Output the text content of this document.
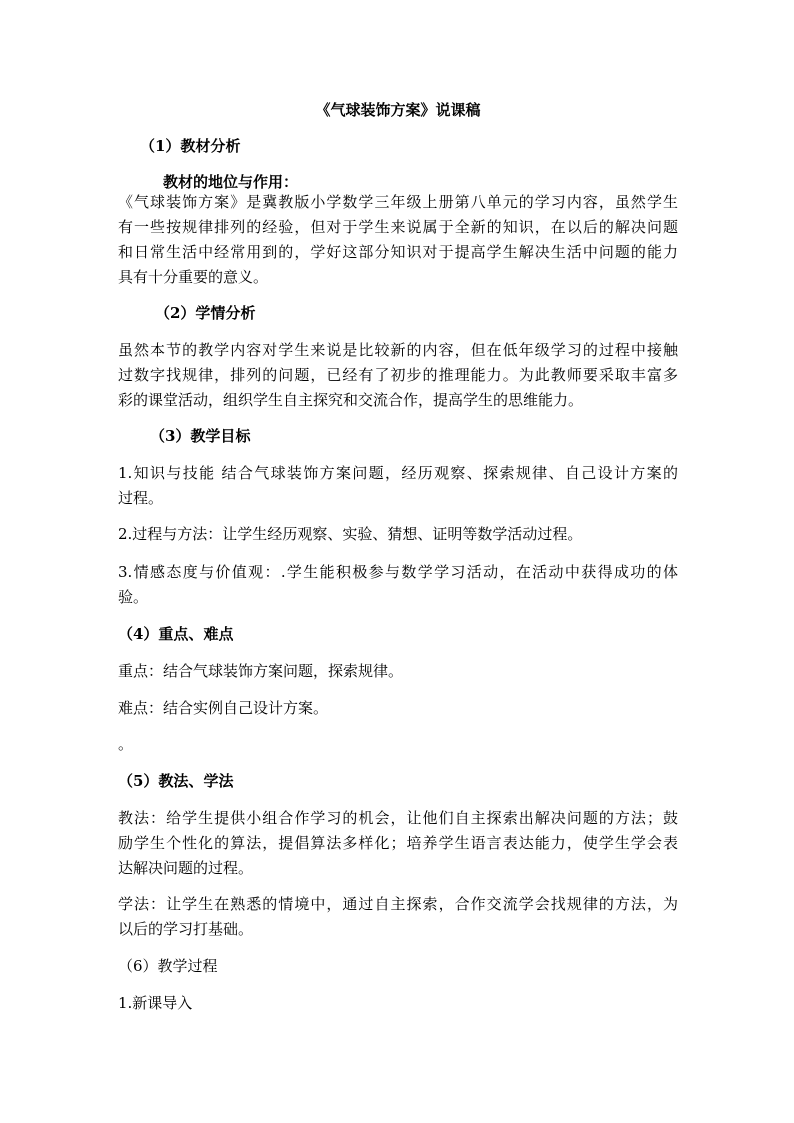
《气球装饰方案》说课稿
（1）教材分析
教材的地位与作用：
《气球装饰方案》是冀教版小学数学三年级上册第八单元的学习内容，虽然学生
有一些按规律排列的经验，但对于学生来说属于全新的知识，在以后的解决问题
和日常生活中经常用到的，学好这部分知识对于提高学生解决生活中问题的能力
具有十分重要的意义。
（2）学情分析
虽然本节的教学内容对学生来说是比较新的内容，但在低年级学习的过程中接触
过数字找规律，排列的问题，已经有了初步的推理能力。为此教师要采取丰富多
彩的课堂活动，组织学生自主探究和交流合作，提高学生的思维能力。
（3）教学目标
1.知识与技能 结合气球装饰方案问题，经历观察、探索规律、自己设计方案的
过程。
2.过程与方法：让学生经历观察、实验、猜想、证明等数学活动过程。
3.情感态度与价值观：.学生能积极参与数学学习活动，在活动中获得成功的体
验。
（4）重点、难点
重点：结合气球装饰方案问题，探索规律。
难点：结合实例自己设计方案。
。
（5）教法、学法
教法：给学生提供小组合作学习的机会，让他们自主探索出解决问题的方法；鼓
励学生个性化的算法，提倡算法多样化；培养学生语言表达能力，使学生学会表
达解决问题的过程。
学法：让学生在熟悉的情境中，通过自主探索，合作交流学会找规律的方法，为
以后的学习打基础。
（6）教学过程
1.新课导入
